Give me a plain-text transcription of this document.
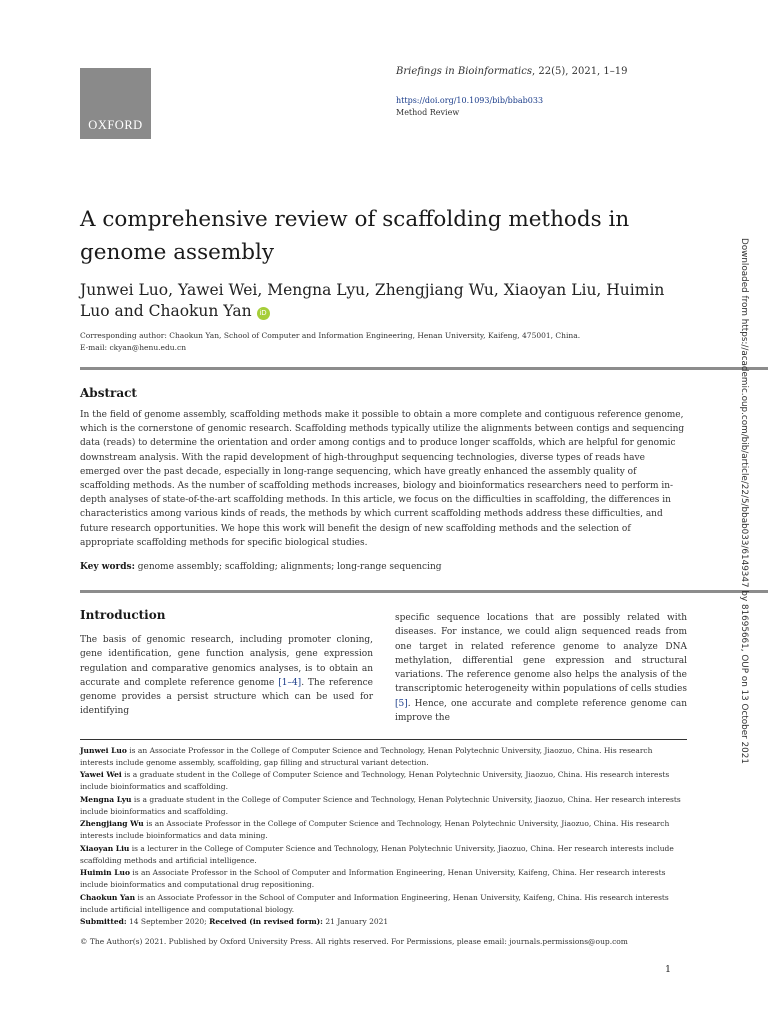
OXFORD
Briefings in Bioinformatics, 22(5), 2021, 1–19
https://doi.org/10.1093/bib/bbab033
Method Review
A comprehensive review of scaffolding methods in genome assembly
Junwei Luo, Yawei Wei, Mengna Lyu, Zhengjiang Wu, Xiaoyan Liu, Huimin Luo and Chaokun Yan iD
Corresponding author: Chaokun Yan, School of Computer and Information Engineering, Henan University, Kaifeng, 475001, China.
E-mail: ckyan@henu.edu.cn
Abstract

In the field of genome assembly, scaffolding methods make it possible to obtain a more complete and contiguous reference genome, which is the cornerstone of genomic research. Scaffolding methods typically utilize the alignments between contigs and sequencing data (reads) to determine the orientation and order among contigs and to produce longer scaffolds, which are helpful for genomic downstream analysis. With the rapid development of high-throughput sequencing technologies, diverse types of reads have emerged over the past decade, especially in long-range sequencing, which have greatly enhanced the assembly quality of scaffolding methods. As the number of scaffolding methods increases, biology and bioinformatics researchers need to perform in-depth analyses of state-of-the-art scaffolding methods. In this article, we focus on the difficulties in scaffolding, the differences in characteristics among various kinds of reads, the methods by which current scaffolding methods address these difficulties, and future research opportunities. We hope this work will benefit the design of new scaffolding methods and the selection of appropriate scaffolding methods for specific biological studies.

Key words: genome assembly; scaffolding; alignments; long-range sequencing
Introduction

The basis of genomic research, including promoter cloning, gene identification, gene function analysis, gene expression regulation and comparative genomics analyses, is to obtain an accurate and complete reference genome [1–4]. The reference genome provides a persist structure which can be used for identifying

specific sequence locations that are possibly related with diseases. For instance, we could align sequenced reads from one target in related reference genome to analyze DNA methylation, differential gene expression and structural variations. The reference genome also helps the analysis of the transcriptomic heterogeneity within populations of cells studies [5]. Hence, one accurate and complete reference genome can improve the

Junwei Luo is an Associate Professor in the College of Computer Science and Technology, Henan Polytechnic University, Jiaozuo, China. His research interests include genome assembly, scaffolding, gap filling and structural variant detection.

Yawei Wei is a graduate student in the College of Computer Science and Technology, Henan Polytechnic University, Jiaozuo, China. His research interests include bioinformatics and scaffolding.

Mengna Lyu is a graduate student in the College of Computer Science and Technology, Henan Polytechnic University, Jiaozuo, China. Her research interests include bioinformatics and scaffolding.

Zhengjiang Wu is an Associate Professor in the College of Computer Science and Technology, Henan Polytechnic University, Jiaozuo, China. His research interests include bioinformatics and data mining.

Xiaoyan Liu is a lecturer in the College of Computer Science and Technology, Henan Polytechnic University, Jiaozuo, China. Her research interests include scaffolding methods and artificial intelligence.

Huimin Luo is an Associate Professor in the School of Computer and Information Engineering, Henan University, Kaifeng, China. Her research interests include bioinformatics and computational drug repositioning.

Chaokun Yan is an Associate Professor in the School of Computer and Information Engineering, Henan University, Kaifeng, China. His research interests include artificial intelligence and computational biology.

Submitted: 14 September 2020; Received (in revised form): 21 January 2021

© The Author(s) 2021. Published by Oxford University Press. All rights reserved. For Permissions, please email: journals.permissions@oup.com
1
Downloaded from https://academic.oup.com/bib/article/22/5/bbab033/6149347 by 81695661, OUP on 13 October 2021
